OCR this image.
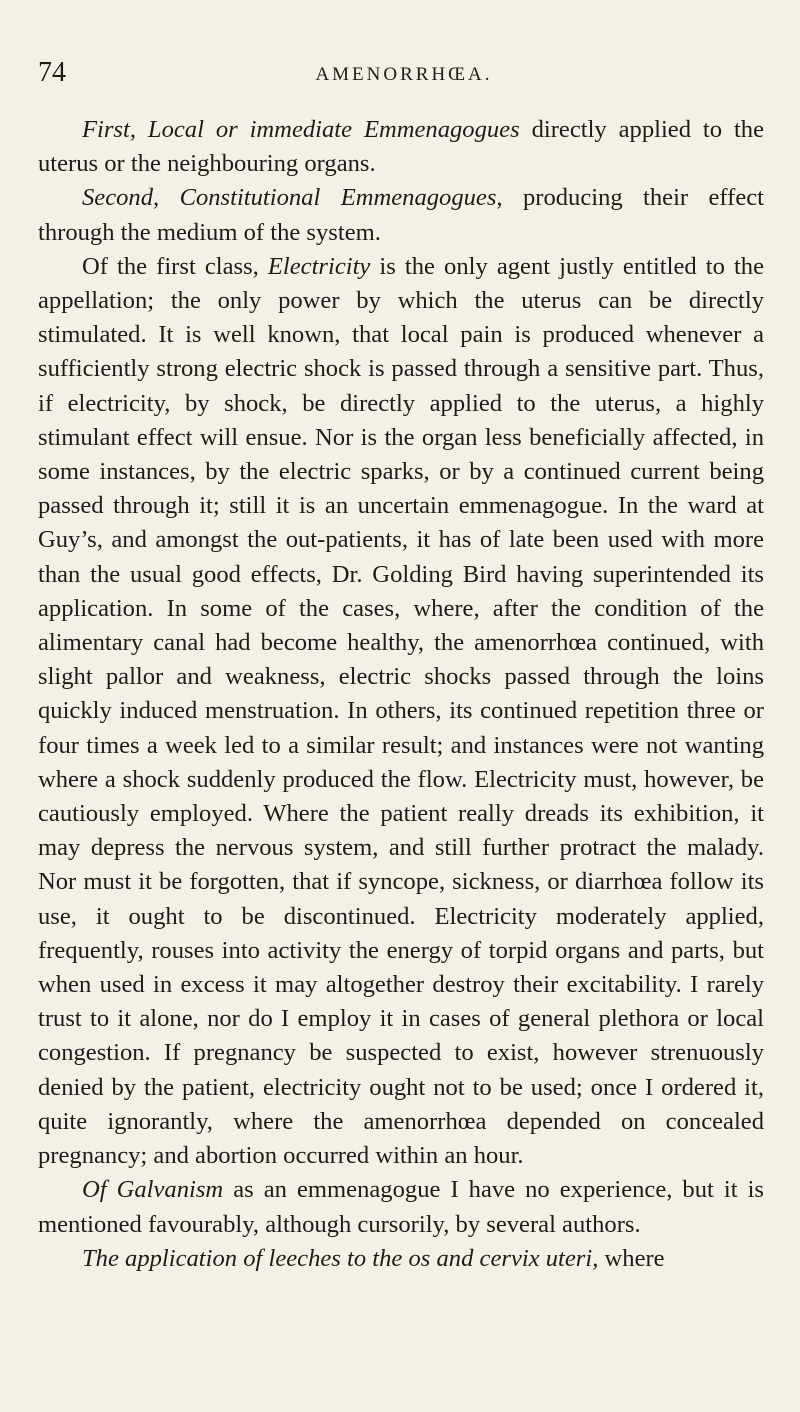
74	AMENORRHŒA.

First, Local or immediate Emmenagogues directly applied to the uterus or the neighbouring organs.

Second, Constitutional Emmenagogues, producing their effect through the medium of the system.

Of the first class, Electricity is the only agent justly entitled to the appellation; the only power by which the uterus can be directly stimulated. It is well known, that local pain is produced whenever a sufficiently strong electric shock is passed through a sensitive part. Thus, if electricity, by shock, be directly applied to the uterus, a highly stimulant effect will ensue. Nor is the organ less beneficially affected, in some instances, by the electric sparks, or by a continued current being passed through it; still it is an uncertain emmenagogue. In the ward at Guy’s, and amongst the out-patients, it has of late been used with more than the usual good effects, Dr. Golding Bird having superintended its application. In some of the cases, where, after the condition of the alimentary canal had become healthy, the amenorrhœa continued, with slight pallor and weakness, electric shocks passed through the loins quickly induced menstruation. In others, its continued repetition three or four times a week led to a similar result; and instances were not wanting where a shock suddenly produced the flow. Electricity must, however, be cautiously employed. Where the patient really dreads its exhibition, it may depress the nervous system, and still further protract the malady. Nor must it be forgotten, that if syncope, sickness, or diarrhœa follow its use, it ought to be discontinued. Electricity moderately applied, frequently, rouses into activity the energy of torpid organs and parts, but when used in excess it may altogether destroy their excitability. I rarely trust to it alone, nor do I employ it in cases of general plethora or local congestion. If pregnancy be suspected to exist, however strenuously denied by the patient, electricity ought not to be used; once I ordered it, quite ignorantly, where the amenorrhœa depended on concealed pregnancy; and abortion occurred within an hour.

Of Galvanism as an emmenagogue I have no experience, but it is mentioned favourably, although cursorily, by several authors.

The application of leeches to the os and cervix uteri, where
